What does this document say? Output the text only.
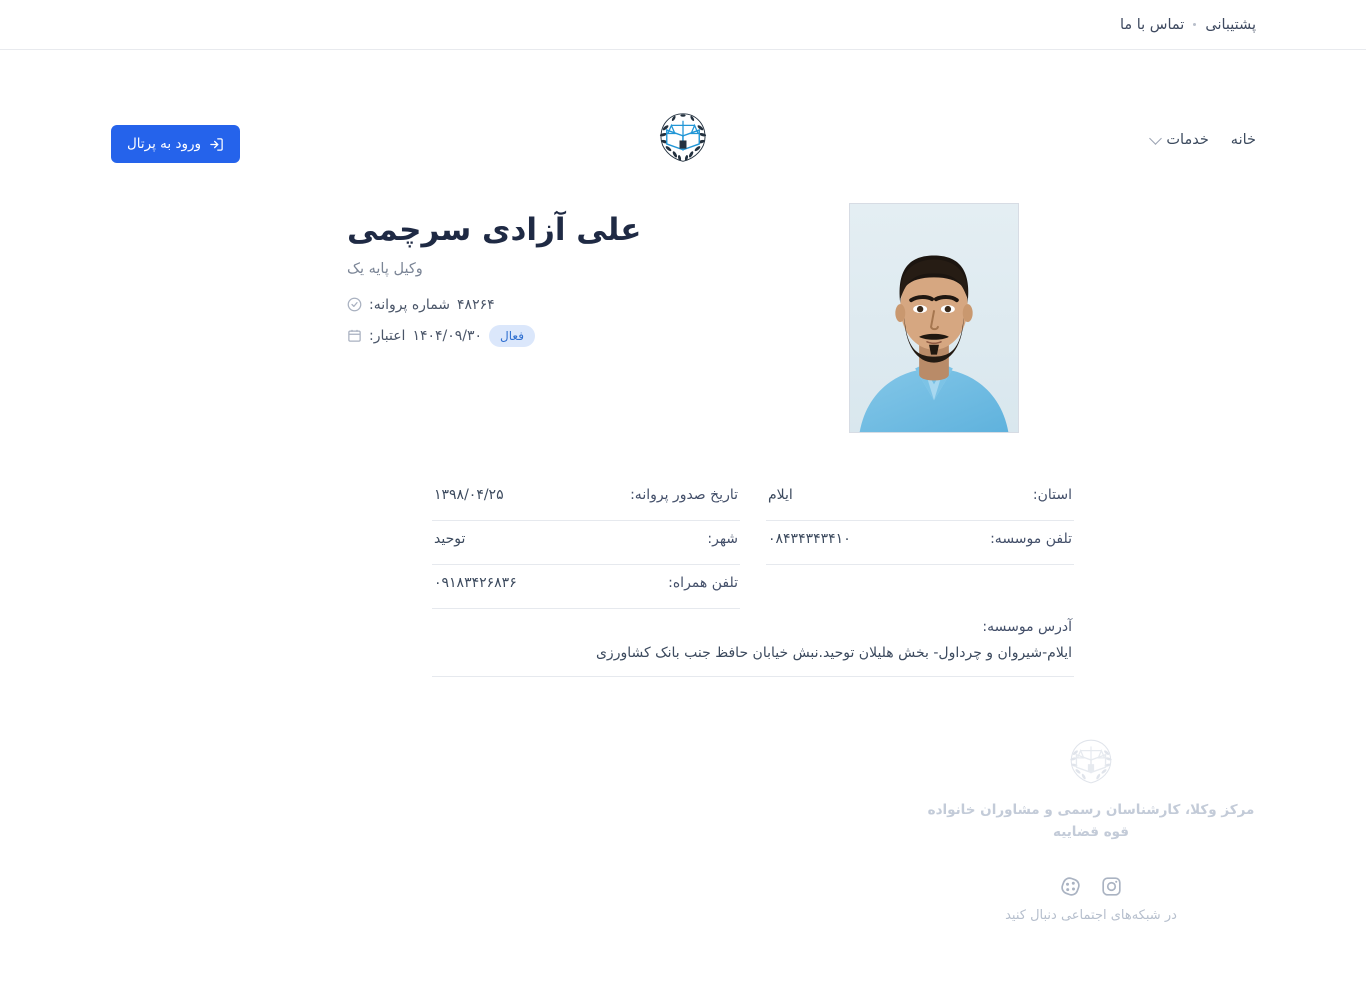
پشتیبانی
تماس با ما
ورود به پرتال	خانه
خدمات
علی آزادی سرچمی
وکیل پایه یک
شماره پروانه: ۴۸۲۶۴
اعتبار: ۱۴۰۴/۰۹/۳۰	فعال
استان:
ایلام
تاریخ صدور پروانه:
۱۳۹۸/۰۴/۲۵
تلفن موسسه:
۰۸۴۳۴۳۴۳۴۱۰
شهر:
توحید
تلفن همراه:
۰۹۱۸۳۴۲۶۸۳۶
آدرس موسسه:
ایلام-شیروان و چرداول- بخش هلیلان توحید.نبش خیابان حافظ جنب بانک کشاورزی
مرکز وکلا، کارشناسان رسمی و مشاوران خانواده قوه قضاییه
در شبکه‌های اجتماعی دنبال کنید
